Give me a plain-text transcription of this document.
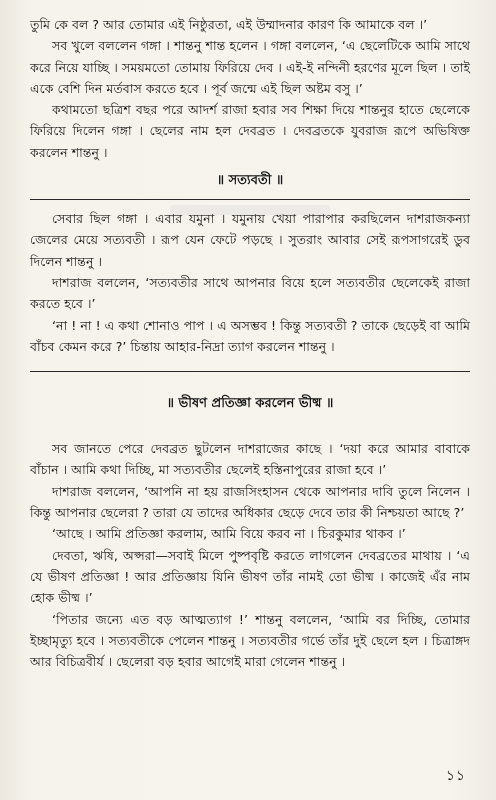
তুমি কে বল ? আর তোমার এই নিষ্ঠুরতা, এই উম্মাদনার কারণ কি আমাকে বল ।’

সব খুলে বললেন গঙ্গা । শান্তনু শান্ত হলেন । গঙ্গা বললেন, ‘এ ছেলেটিকে আমি সাথে করে নিয়ে যাচ্ছি । সময়মতো তোমায় ফিরিয়ে দেব । এই-ই নন্দিনী হরণের মূলে ছিল । তাই একে বেশি দিন মর্তবাস করতে হবে । পূর্ব জন্মে এই ছিল অষ্টম বসু ।’

কথামতো ছত্রিশ বছর পরে আদর্শ রাজা হবার সব শিক্ষা দিয়ে শান্তনুর হাতে ছেলেকে ফিরিয়ে দিলেন গঙ্গা । ছেলের নাম হল দেবব্রত । দেবব্রতকে যুবরাজ রূপে অভিষিক্ত করলেন শান্তনু ।

॥ সত্যবতী ॥

সেবার ছিল গঙ্গা । এবার যমুনা । যমুনায় খেয়া পারাপার করছিলেন দাশরাজকন্যা জেলের মেয়ে সত্যবতী । রূপ যেন ফেটে পড়ছে । সুতরাং আবার সেই রূপসাগরেই ডুব দিলেন শান্তনু ।

দাশরাজ বললেন, ‘সত্যবতীর সাথে আপনার বিয়ে হলে সত্যবতীর ছেলেকেই রাজা করতে হবে ।’

‘না ! না ! এ কথা শোনাও পাপ । এ অসম্ভব ! কিন্তু সত্যবতী ? তাকে ছেড়েই বা আমি বাঁচব কেমন করে ?’ চিন্তায় আহার-নিদ্রা ত্যাগ করলেন শান্তনু ।

॥ ভীষণ প্রতিজ্ঞা করলেন ভীষ্ম ॥

সব জানতে পেরে দেবব্রত ছুটলেন দাশরাজের কাছে । ‘দয়া করে আমার বাবাকে বাঁচান । আমি কথা দিচ্ছি, মা সত্যবতীর ছেলেই হস্তিনাপুরের রাজা হবে ।’

দাশরাজ বললেন, ‘আপনি না হয় রাজসিংহাসন থেকে আপনার দাবি তুলে নিলেন । কিন্তু আপনার ছেলেরা ? তারা যে তাদের অধিকার ছেড়ে দেবে তার কী নিশ্চয়তা আছে ?’

‘আছে । আমি প্রতিজ্ঞা করলাম, আমি বিয়ে করব না । চিরকুমার থাকব ।’

দেবতা, ঋষি, অপ্সরা—সবাই মিলে পুষ্পবৃষ্টি করতে লাগলেন দেবব্রতের মাথায় । ‘এ যে ভীষণ প্রতিজ্ঞা ! আর প্রতিজ্ঞায় যিনি ভীষণ তাঁর নামই তো ভীষ্ম । কাজেই এঁর নাম হোক ভীষ্ম ।’

‘পিতার জন্যে এত বড় আত্মত্যাগ !’ শান্তনু বললেন, ‘আমি বর দিচ্ছি, তোমার ইচ্ছামৃত্যু হবে । সত্যবতীকে পেলেন শান্তনু । সত্যবতীর গর্ভে তাঁর দুই ছেলে হল । চিত্রাঙ্গদ আর বিচিত্রবীর্য । ছেলেরা বড় হবার আগেই মারা গেলেন শান্তনু ।

১১
